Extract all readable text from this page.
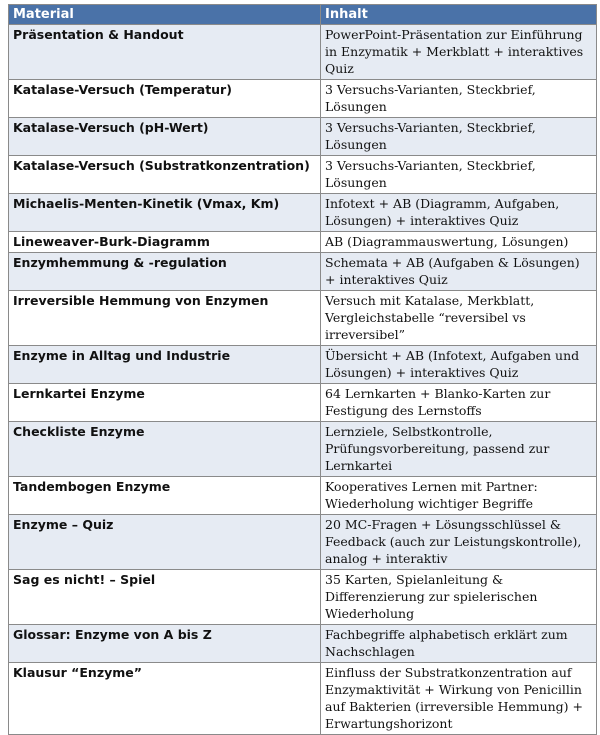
Material	Inhalt
Präsentation & Handout	PowerPoint-Präsentation zur Einführung in Enzymatik + Merkblatt + interaktives Quiz
Katalase-Versuch (Temperatur)	3 Versuchs-Varianten, Steckbrief, Lösungen
Katalase-Versuch (pH-Wert)	3 Versuchs-Varianten, Steckbrief, Lösungen
Katalase-Versuch (Substratkonzentration)	3 Versuchs-Varianten, Steckbrief, Lösungen
Michaelis-Menten-Kinetik (Vmax, Km)	Infotext + AB (Diagramm, Aufgaben, Lösungen) + interaktives Quiz
Lineweaver-Burk-Diagramm	AB (Diagrammauswertung, Lösungen)
Enzymhemmung & -regulation	Schemata + AB (Aufgaben & Lösungen) + interaktives Quiz
Irreversible Hemmung von Enzymen	Versuch mit Katalase, Merkblatt, Vergleichstabelle “reversibel vs irreversibel”
Enzyme in Alltag und Industrie	Übersicht + AB (Infotext, Aufgaben und Lösungen) + interaktives Quiz
Lernkartei Enzyme	64 Lernkarten + Blanko-Karten zur Festigung des Lernstoffs
Checkliste Enzyme	Lernziele, Selbstkontrolle, Prüfungsvorbereitung, passend zur Lernkartei
Tandembogen Enzyme	Kooperatives Lernen mit Partner: Wiederholung wichtiger Begriffe
Enzyme – Quiz	20 MC-Fragen + Lösungsschlüssel & Feedback (auch zur Leistungskontrolle), analog + interaktiv
Sag es nicht! – Spiel	35 Karten, Spielanleitung & Differenzierung zur spielerischen Wiederholung
Glossar: Enzyme von A bis Z	Fachbegriffe alphabetisch erklärt zum Nachschlagen
Klausur “Enzyme”	Einfluss der Substratkonzentration auf Enzymaktivität + Wirkung von Penicillin auf Bakterien (irreversible Hemmung) + Erwartungshorizont
